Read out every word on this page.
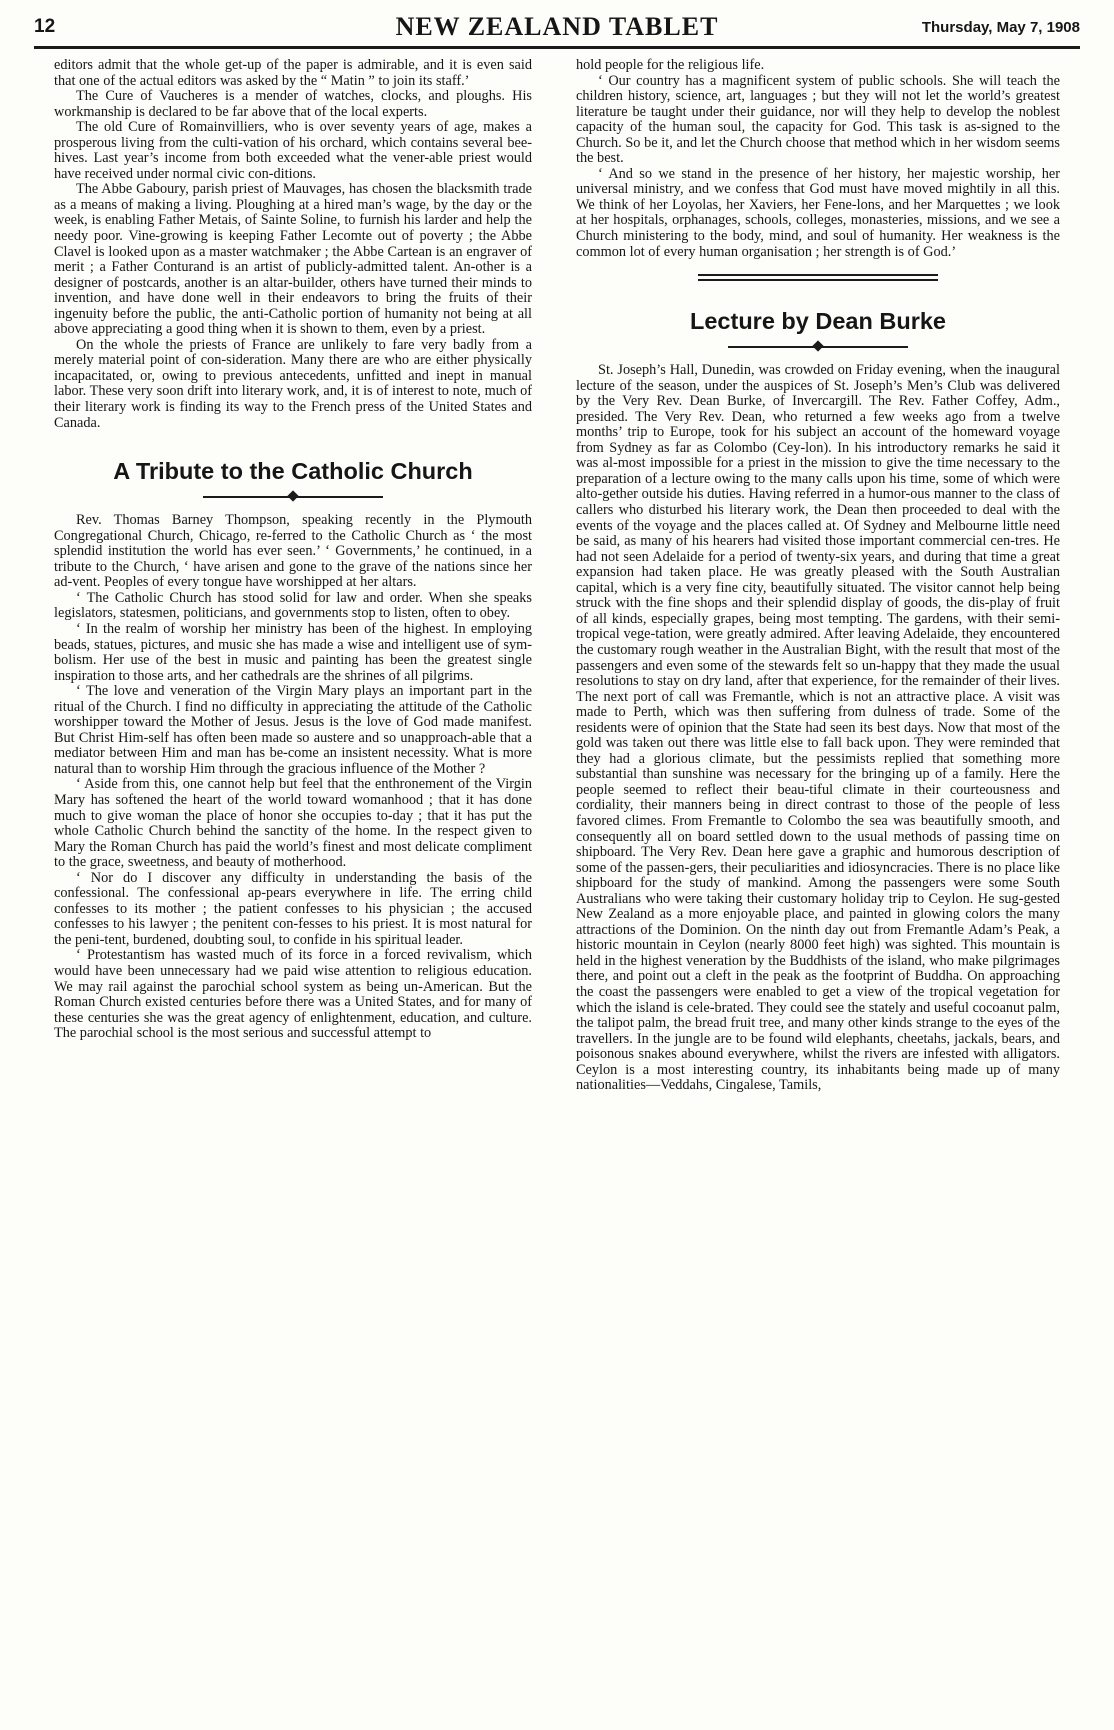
12	NEW ZEALAND TABLET	Thursday, May 7, 1908

editors admit that the whole get-up of the paper is admirable, and it is even said that one of the actual editors was asked by the “ Matin ” to join its staff.’

The Cure of Vaucheres is a mender of watches, clocks, and ploughs. His workmanship is declared to be far above that of the local experts.

The old Cure of Romainvilliers, who is over seventy years of age, makes a prosperous living from the culti-vation of his orchard, which contains several bee-hives. Last year’s income from both exceeded what the vener-able priest would have received under normal civic con-ditions.

The Abbe Gaboury, parish priest of Mauvages, has chosen the blacksmith trade as a means of making a living. Ploughing at a hired man’s wage, by the day or the week, is enabling Father Metais, of Sainte Soline, to furnish his larder and help the needy poor. Vine-growing is keeping Father Lecomte out of poverty ; the Abbe Clavel is looked upon as a master watchmaker ; the Abbe Cartean is an engraver of merit ; a Father Conturand is an artist of publicly-admitted talent. An-other is a designer of postcards, another is an altar-builder, others have turned their minds to invention, and have done well in their endeavors to bring the fruits of their ingenuity before the public, the anti-Catholic portion of humanity not being at all above appreciating a good thing when it is shown to them, even by a priest.

On the whole the priests of France are unlikely to fare very badly from a merely material point of con-sideration. Many there are who are either physically incapacitated, or, owing to previous antecedents, unfitted and inept in manual labor. These very soon drift into literary work, and, it is of interest to note, much of their literary work is finding its way to the French press of the United States and Canada.

A Tribute to the Catholic Church

Rev. Thomas Barney Thompson, speaking recently in the Plymouth Congregational Church, Chicago, re-ferred to the Catholic Church as ‘ the most splendid institution the world has ever seen.’ ‘ Governments,’ he continued, in a tribute to the Church, ‘ have arisen and gone to the grave of the nations since her ad-vent. Peoples of every tongue have worshipped at her altars.

‘ The Catholic Church has stood solid for law and order. When she speaks legislators, statesmen, politicians, and governments stop to listen, often to obey.

‘ In the realm of worship her ministry has been of the highest. In employing beads, statues, pictures, and music she has made a wise and intelligent use of sym-bolism. Her use of the best in music and painting has been the greatest single inspiration to those arts, and her cathedrals are the shrines of all pilgrims.

‘ The love and veneration of the Virgin Mary plays an important part in the ritual of the Church. I find no difficulty in appreciating the attitude of the Catholic worshipper toward the Mother of Jesus. Jesus is the love of God made manifest. But Christ Him-self has often been made so austere and so unapproach-able that a mediator between Him and man has be-come an insistent necessity. What is more natural than to worship Him through the gracious influence of the Mother ?

‘ Aside from this, one cannot help but feel that the enthronement of the Virgin Mary has softened the heart of the world toward womanhood ; that it has done much to give woman the place of honor she occupies to-day ; that it has put the whole Catholic Church behind the sanctity of the home. In the respect given to Mary the Roman Church has paid the world’s finest and most delicate compliment to the grace, sweetness, and beauty of motherhood.

‘ Nor do I discover any difficulty in understanding the basis of the confessional. The confessional ap-pears everywhere in life. The erring child confesses to its mother ; the patient confesses to his physician ; the accused confesses to his lawyer ; the penitent con-fesses to his priest. It is most natural for the peni-tent, burdened, doubting soul, to confide in his spiritual leader.

‘ Protestantism has wasted much of its force in a forced revivalism, which would have been unnecessary had we paid wise attention to religious education. We may rail against the parochial school system as being un-American. But the Roman Church existed centuries before there was a United States, and for many of these centuries she was the great agency of enlightenment, education, and culture. The parochial school is the most serious and successful attempt to

hold people for the religious life.

‘ Our country has a magnificent system of public schools. She will teach the children history, science, art, languages ; but they will not let the world’s greatest literature be taught under their guidance, nor will they help to develop the noblest capacity of the human soul, the capacity for God. This task is as-signed to the Church. So be it, and let the Church choose that method which in her wisdom seems the best.

‘ And so we stand in the presence of her history, her majestic worship, her universal ministry, and we confess that God must have moved mightily in all this. We think of her Loyolas, her Xaviers, her Fene-lons, and her Marquettes ; we look at her hospitals, orphanages, schools, colleges, monasteries, missions, and we see a Church ministering to the body, mind, and soul of humanity. Her weakness is the common lot of every human organisation ; her strength is of God.’

Lecture by Dean Burke

St. Joseph’s Hall, Dunedin, was crowded on Friday evening, when the inaugural lecture of the season, under the auspices of St. Joseph’s Men’s Club was delivered by the Very Rev. Dean Burke, of Invercargill. The Rev. Father Coffey, Adm., presided. The Very Rev. Dean, who returned a few weeks ago from a twelve months’ trip to Europe, took for his subject an account of the homeward voyage from Sydney as far as Colombo (Cey-lon). In his introductory remarks he said it was al-most impossible for a priest in the mission to give the time necessary to the preparation of a lecture owing to the many calls upon his time, some of which were alto-gether outside his duties. Having referred in a humor-ous manner to the class of callers who disturbed his literary work, the Dean then proceeded to deal with the events of the voyage and the places called at. Of Sydney and Melbourne little need be said, as many of his hearers had visited those important commercial cen-tres. He had not seen Adelaide for a period of twenty-six years, and during that time a great expansion had taken place. He was greatly pleased with the South Australian capital, which is a very fine city, beautifully situated. The visitor cannot help being struck with the fine shops and their splendid display of goods, the dis-play of fruit of all kinds, especially grapes, being most tempting. The gardens, with their semi-tropical vege-tation, were greatly admired. After leaving Adelaide, they encountered the customary rough weather in the Australian Bight, with the result that most of the passengers and even some of the stewards felt so un-happy that they made the usual resolutions to stay on dry land, after that experience, for the remainder of their lives. The next port of call was Fremantle, which is not an attractive place. A visit was made to Perth, which was then suffering from dulness of trade. Some of the residents were of opinion that the State had seen its best days. Now that most of the gold was taken out there was little else to fall back upon. They were reminded that they had a glorious climate, but the pessimists replied that something more substantial than sunshine was necessary for the bringing up of a family. Here the people seemed to reflect their beau-tiful climate in their courteousness and cordiality, their manners being in direct contrast to those of the people of less favored climes. From Fremantle to Colombo the sea was beautifully smooth, and consequently all on board settled down to the usual methods of passing time on shipboard. The Very Rev. Dean here gave a graphic and humorous description of some of the passen-gers, their peculiarities and idiosyncracies. There is no place like shipboard for the study of mankind. Among the passengers were some South Australians who were taking their customary holiday trip to Ceylon. He sug-gested New Zealand as a more enjoyable place, and painted in glowing colors the many attractions of the Dominion. On the ninth day out from Fremantle Adam’s Peak, a historic mountain in Ceylon (nearly 8000 feet high) was sighted. This mountain is held in the highest veneration by the Buddhists of the island, who make pilgrimages there, and point out a cleft in the peak as the footprint of Buddha. On approaching the coast the passengers were enabled to get a view of the tropical vegetation for which the island is cele-brated. They could see the stately and useful cocoanut palm, the talipot palm, the bread fruit tree, and many other kinds strange to the eyes of the travellers. In the jungle are to be found wild elephants, cheetahs, jackals, bears, and poisonous snakes abound everywhere, whilst the rivers are infested with alligators. Ceylon is a most interesting country, its inhabitants being made up of many nationalities—Veddahs, Cingalese, Tamils,
